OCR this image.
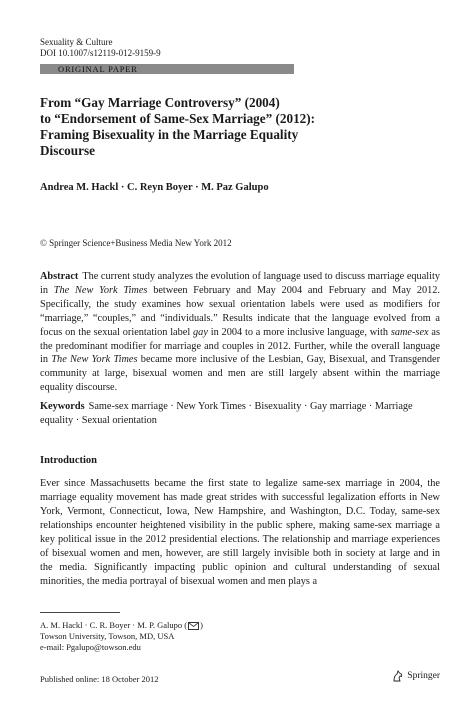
Sexuality & Culture
DOI 10.1007/s12119-012-9159-9
ORIGINAL PAPER
From “Gay Marriage Controversy” (2004)
to “Endorsement of Same-Sex Marriage” (2012):
Framing Bisexuality in the Marriage Equality
Discourse
Andrea M. Hackl · C. Reyn Boyer · M. Paz Galupo
© Springer Science+Business Media New York 2012
Abstract The current study analyzes the evolution of language used to discuss marriage equality in The New York Times between February and May 2004 and February and May 2012. Specifically, the study examines how sexual orientation labels were used as modifiers for “marriage,” “couples,” and “individuals.” Results indicate that the language evolved from a focus on the sexual orientation label gay in 2004 to a more inclusive language, with same-sex as the predominant modifier for marriage and couples in 2012. Further, while the overall language in The New York Times became more inclusive of the Lesbian, Gay, Bisexual, and Transgender community at large, bisexual women and men are still largely absent within the marriage equality discourse.
Keywords Same-sex marriage · New York Times · Bisexuality · Gay marriage · Marriage equality · Sexual orientation
Introduction
Ever since Massachusetts became the first state to legalize same-sex marriage in 2004, the marriage equality movement has made great strides with successful legalization efforts in New York, Vermont, Connecticut, Iowa, New Hampshire, and Washington, D.C. Today, same-sex relationships encounter heightened visibility in the public sphere, making same-sex marriage a key political issue in the 2012 presidential elections. The relationship and marriage experiences of bisexual women and men, however, are still largely invisible both in society at large and in the media. Significantly impacting public opinion and cultural understanding of sexual minorities, the media portrayal of bisexual women and men plays a
A. M. Hackl · C. R. Boyer · M. P. Galupo ( )
Towson University, Towson, MD, USA
e-mail: Pgalupo@towson.edu
Published online: 18 October 2012	Springer
